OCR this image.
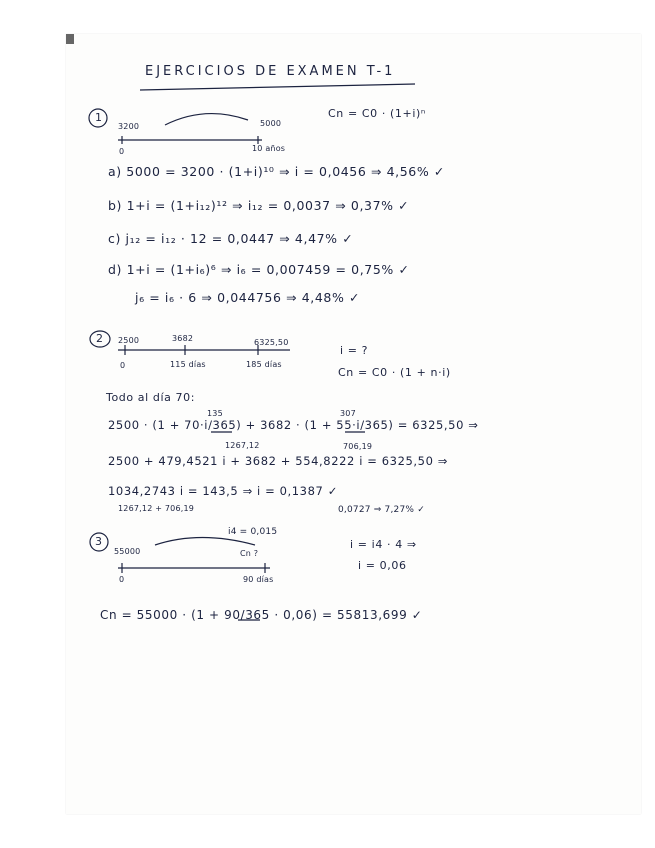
EJERCICIOS DE EXAMEN T-1
1	Cn = C0 · (1+i)ⁿ
3200	5000
0	10 años
a) 5000 = 3200 · (1+i)¹⁰ ⇒ i = 0,0456 ⇒ 4,56% ✓
b) 1+i = (1+i₁₂)¹² ⇒ i₁₂ = 0,0037 ⇒ 0,37% ✓
c) j₁₂ = i₁₂ · 12 = 0,0447 ⇒ 4,47% ✓
d) 1+i = (1+i₆)⁶ ⇒ i₆ = 0,007459 = 0,75% ✓
j₆ = i₆ · 6 ⇒ 0,044756 ⇒ 4,48% ✓
2 2500	3682	6325,50
0	115 días	185 días
i = ?
Cn = C0 · (1 + n·i)
Todo al día 70:
135	307
2500 · (1 + 70·i/365) + 3682 · (1 + 55·i/365) = 6325,50 ⇒
1267,12	706,19
2500 + 479,4521 i + 3682 + 554,8222 i = 6325,50 ⇒
1034,2743 i = 143,5 ⇒ i = 0,1387 ✓
1267,12 + 706,19	0,0727 ⇒ 7,27% ✓
3
i4 = 0,015
55000	Cn ?
0	90 días
i = i4 · 4 ⇒
i = 0,06
Cn = 55000 · (1 + 90/365 · 0,06) = 55813,699 ✓
